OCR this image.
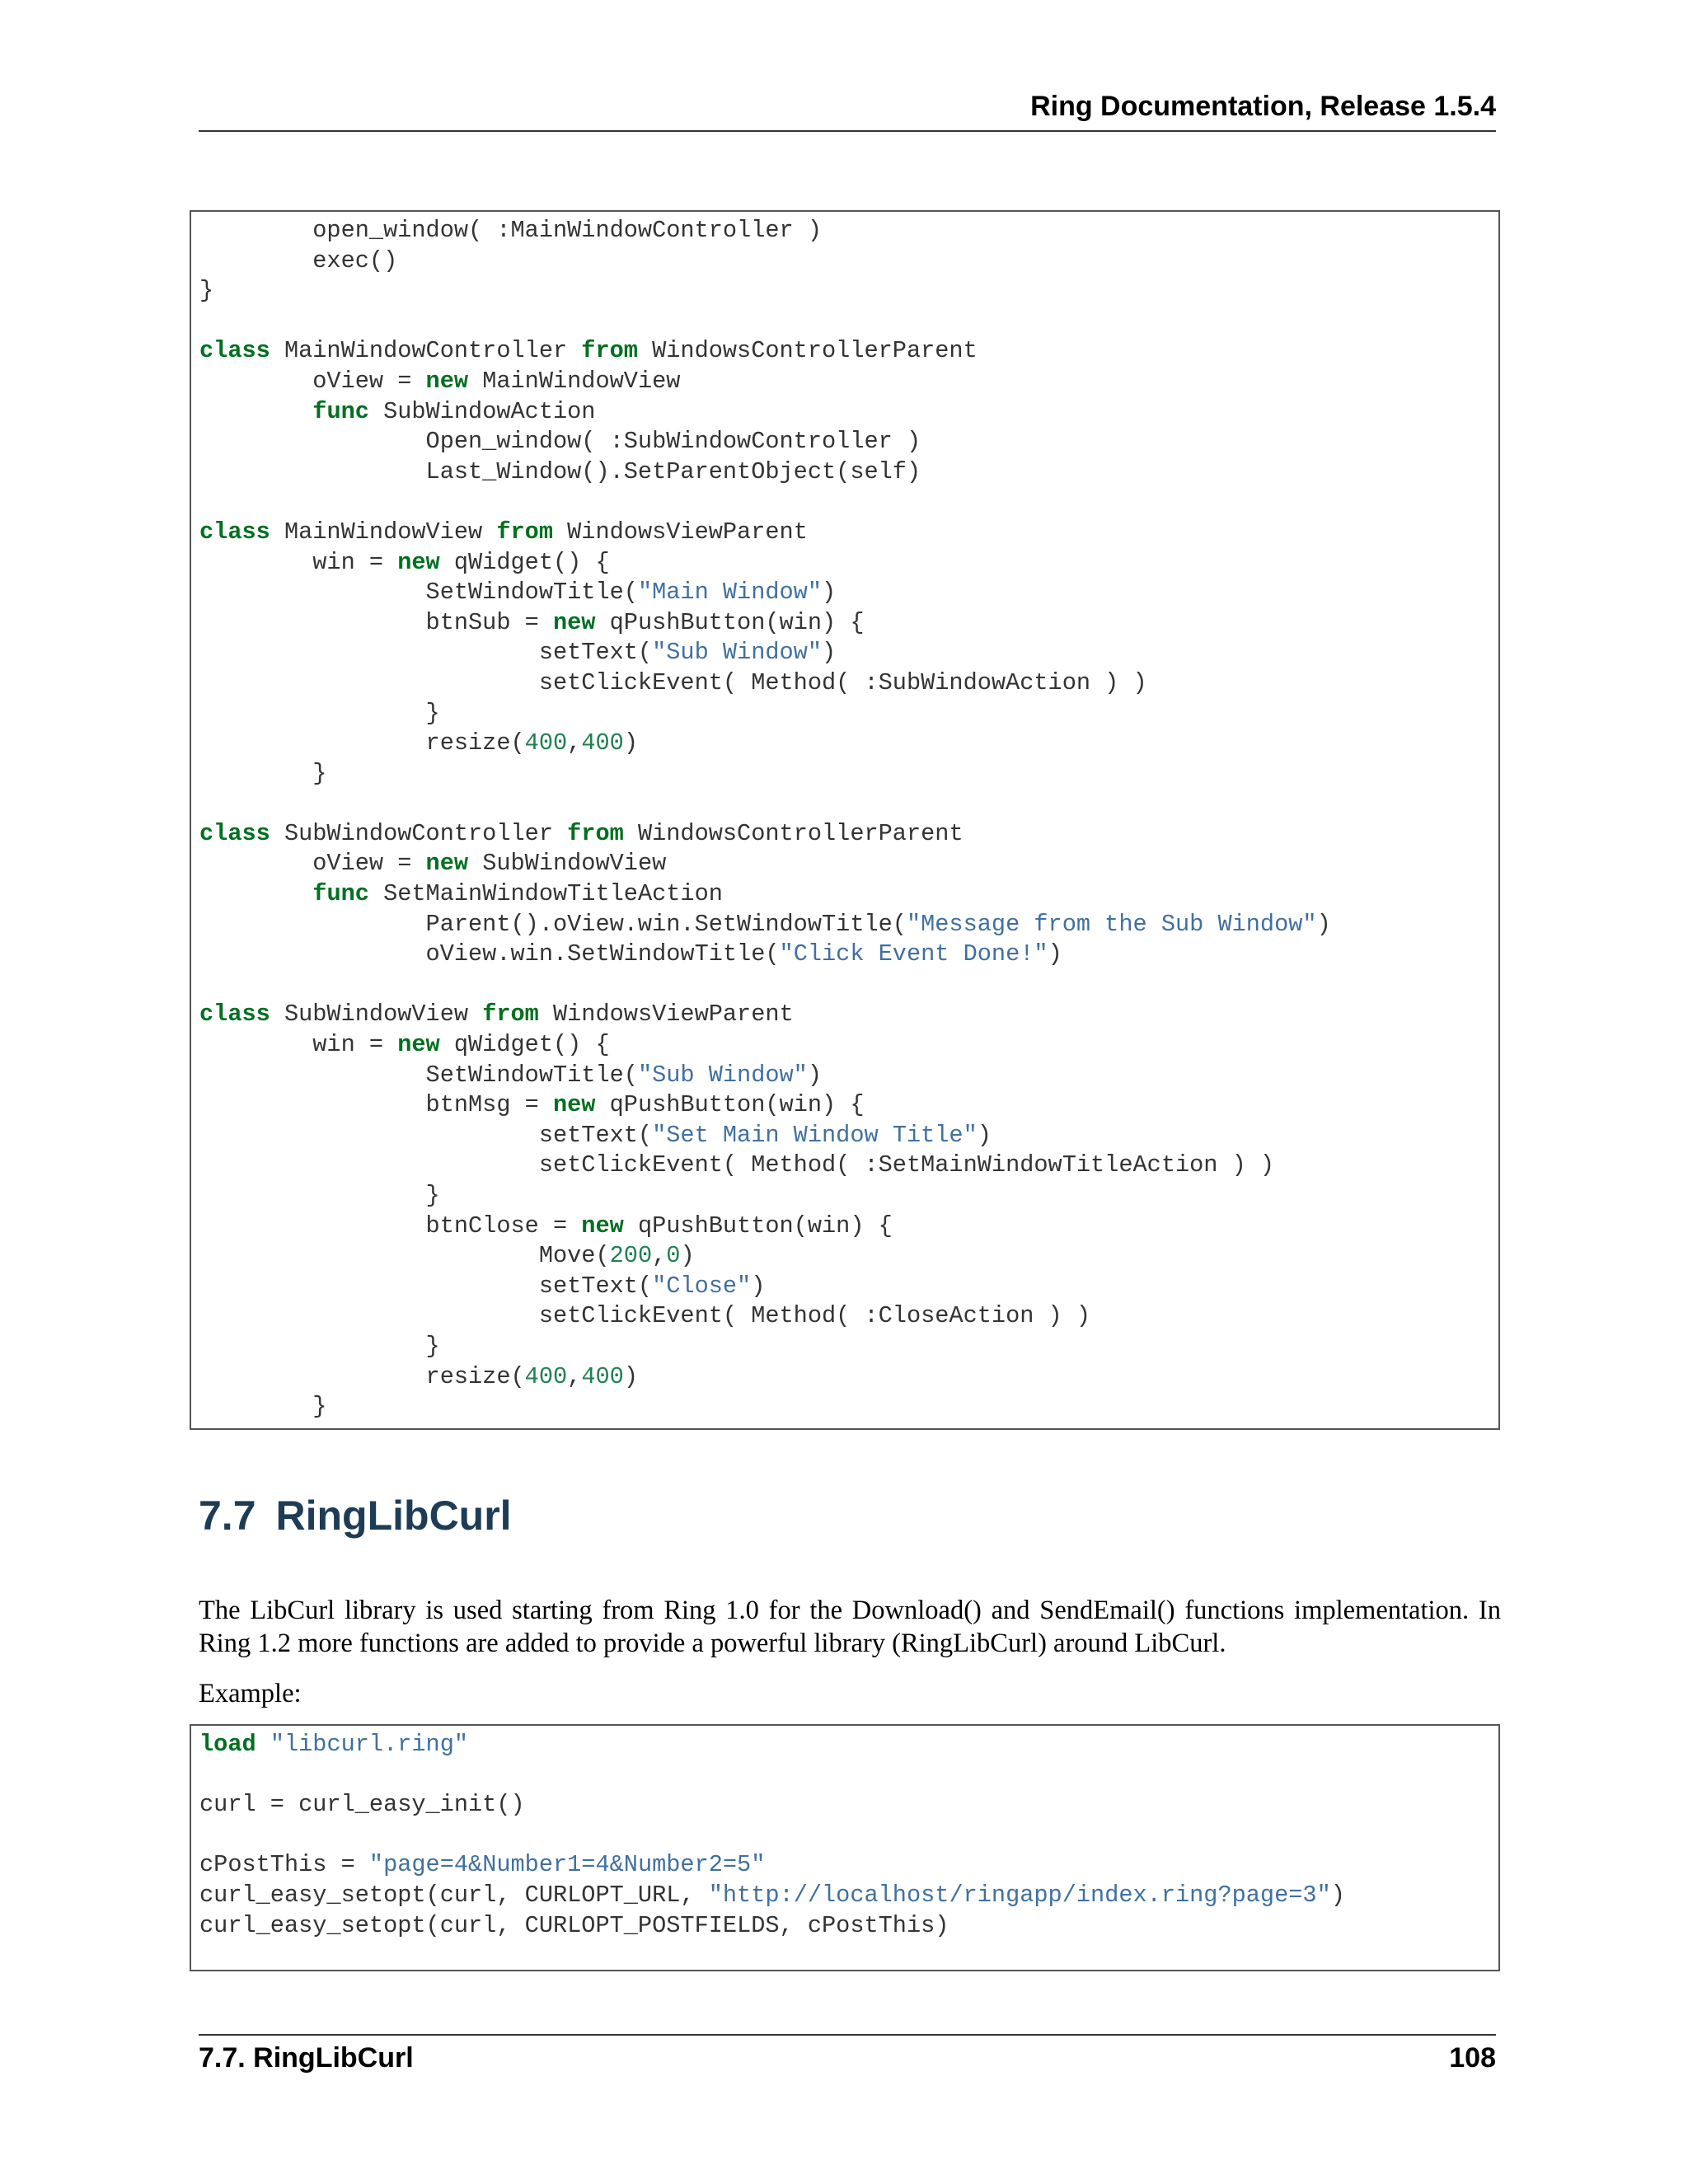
Ring Documentation, Release 1.5.4
open_window( :MainWindowController )
exec()
}
class MainWindowController from WindowsControllerParent
oView = new MainWindowView
func SubWindowAction
Open_window( :SubWindowController )
Last_Window().SetParentObject(self)
class MainWindowView from WindowsViewParent
win = new qWidget() {
SetWindowTitle("Main Window")
btnSub = new qPushButton(win) {
setText("Sub Window")
setClickEvent( Method( :SubWindowAction ) )
}
resize(400,400)
}
class SubWindowController from WindowsControllerParent
oView = new SubWindowView
func SetMainWindowTitleAction
Parent().oView.win.SetWindowTitle("Message from the Sub Window")
oView.win.SetWindowTitle("Click Event Done!")
class SubWindowView from WindowsViewParent
win = new qWidget() {
SetWindowTitle("Sub Window")
btnMsg = new qPushButton(win) {
setText("Set Main Window Title")
setClickEvent( Method( :SetMainWindowTitleAction ) )
}
btnClose = new qPushButton(win) {
Move(200,0)
setText("Close")
setClickEvent( Method( :CloseAction ) )
}
resize(400,400)
}
7.7 RingLibCurl
The LibCurl library is used starting from Ring 1.0 for the Download() and SendEmail() functions implementation. In Ring 1.2 more functions are added to provide a powerful library (RingLibCurl) around LibCurl.
Example:
load "libcurl.ring"
curl = curl_easy_init()
cPostThis = "page=4&Number1=4&Number2=5"
curl_easy_setopt(curl, CURLOPT_URL, "http://localhost/ringapp/index.ring?page=3")
curl_easy_setopt(curl, CURLOPT_POSTFIELDS, cPostThis)
7.7. RingLibCurl	108
